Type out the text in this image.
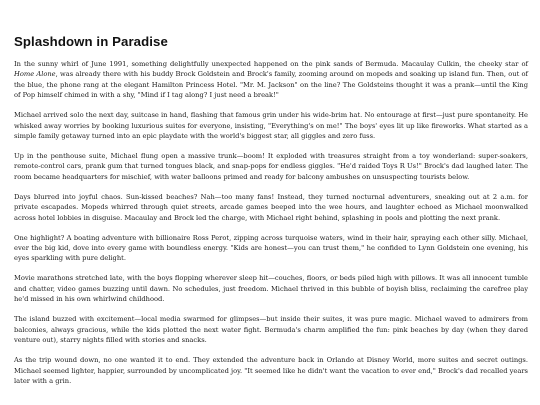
Splashdown in Paradise

In the sunny whirl of June 1991, something delightfully unexpected happened on the pink sands of Bermuda. Macaulay Culkin, the cheeky star of Home Alone, was already there with his buddy Brock Goldstein and Brock's family, zooming around on mopeds and soaking up island fun. Then, out of the blue, the phone rang at the elegant Hamilton Princess Hotel. "Mr. M. Jackson" on the line? The Goldsteins thought it was a prank—until the King of Pop himself chimed in with a shy, "Mind if I tag along? I just need a break!"

Michael arrived solo the next day, suitcase in hand, flashing that famous grin under his wide-brim hat. No entourage at first—just pure spontaneity. He whisked away worries by booking luxurious suites for everyone, insisting, "Everything's on me!" The boys' eyes lit up like fireworks. What started as a simple family getaway turned into an epic playdate with the world's biggest star, all giggles and zero fuss.

Up in the penthouse suite, Michael flung open a massive trunk—boom! It exploded with treasures straight from a toy wonderland: super-soakers, remote-control cars, prank gum that turned tongues black, and snap-pops for endless giggles. "He'd raided Toys R Us!" Brock's dad laughed later. The room became headquarters for mischief, with water balloons primed and ready for balcony ambushes on unsuspecting tourists below.

Days blurred into joyful chaos. Sun-kissed beaches? Nah—too many fans! Instead, they turned nocturnal adventurers, sneaking out at 2 a.m. for private escapades. Mopeds whirred through quiet streets, arcade games beeped into the wee hours, and laughter echoed as Michael moonwalked across hotel lobbies in disguise. Macaulay and Brock led the charge, with Michael right behind, splashing in pools and plotting the next prank.

One highlight? A boating adventure with billionaire Ross Perot, zipping across turquoise waters, wind in their hair, spraying each other silly. Michael, ever the big kid, dove into every game with boundless energy. "Kids are honest—you can trust them," he confided to Lynn Goldstein one evening, his eyes sparkling with pure delight.

Movie marathons stretched late, with the boys flopping wherever sleep hit—couches, floors, or beds piled high with pillows. It was all innocent tumble and chatter, video games buzzing until dawn. No schedules, just freedom. Michael thrived in this bubble of boyish bliss, reclaiming the carefree play he'd missed in his own whirlwind childhood.

The island buzzed with excitement—local media swarmed for glimpses—but inside their suites, it was pure magic. Michael waved to admirers from balconies, always gracious, while the kids plotted the next water fight. Bermuda's charm amplified the fun: pink beaches by day (when they dared venture out), starry nights filled with stories and snacks.

As the trip wound down, no one wanted it to end. They extended the adventure back in Orlando at Disney World, more suites and secret outings. Michael seemed lighter, happier, surrounded by uncomplicated joy. "It seemed like he didn't want the vacation to ever end," Brock's dad recalled years later with a grin.
